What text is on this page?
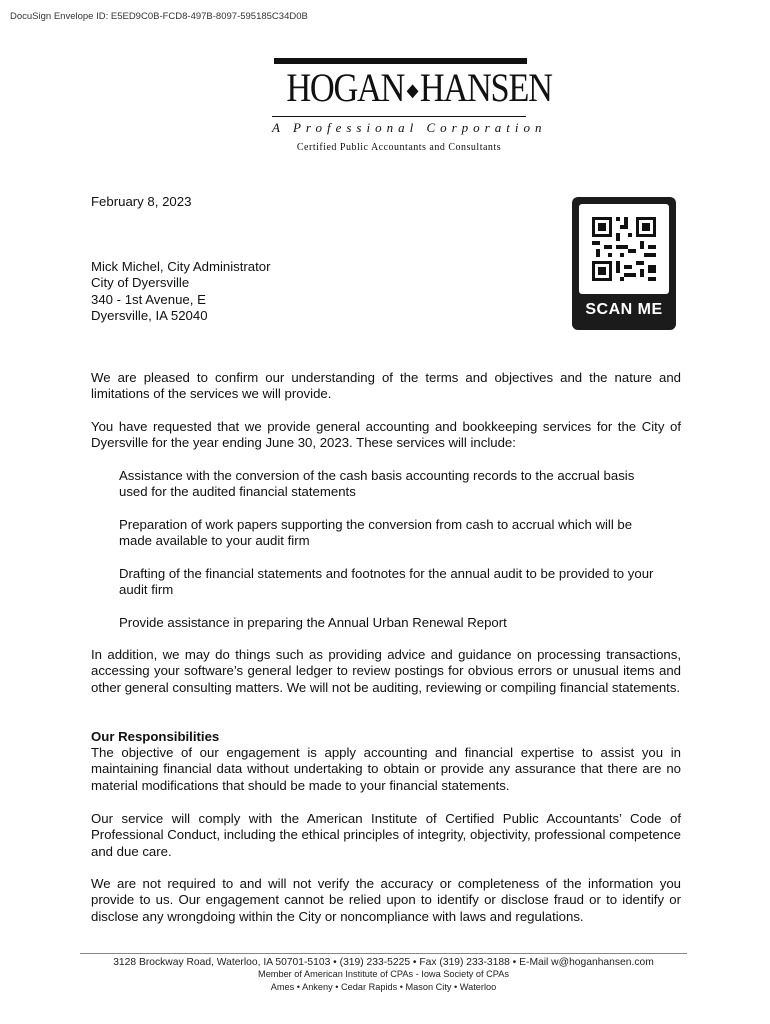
DocuSign Envelope ID: E5ED9C0B-FCD8-497B-8097-595185C34D0B
HOGAN ◆HANSEN
A Professional Corporation
Certified Public Accountants and Consultants
SCAN ME
February 8, 2023

Mick Michel, City Administrator

City of Dyersville

340 - 1st Avenue, E

Dyersville, IA 52040

We are pleased to confirm our understanding of the terms and objectives and the nature and limitations of the services we will provide.

You have requested that we provide general accounting and bookkeeping services for the City of Dyersville for the year ending June 30, 2023. These services will include:

Assistance with the conversion of the cash basis accounting records to the accrual basis used for the audited financial statements

Preparation of work papers supporting the conversion from cash to accrual which will be made available to your audit firm

Drafting of the financial statements and footnotes for the annual audit to be provided to your audit firm

Provide assistance in preparing the Annual Urban Renewal Report

In addition, we may do things such as providing advice and guidance on processing transactions, accessing your software’s general ledger to review postings for obvious errors or unusual items and other general consulting matters. We will not be auditing, reviewing or compiling financial statements.

Our Responsibilities

The objective of our engagement is apply accounting and financial expertise to assist you in maintaining financial data without undertaking to obtain or provide any assurance that there are no material modifications that should be made to your financial statements.

Our service will comply with the American Institute of Certified Public Accountants’ Code of Professional Conduct, including the ethical principles of integrity, objectivity, professional competence and due care.

We are not required to and will not verify the accuracy or completeness of the information you provide to us. Our engagement cannot be relied upon to identify or disclose fraud or to identify or disclose any wrongdoing within the City or noncompliance with laws and regulations.

3128 Brockway Road, Waterloo, IA 50701-5103 • (319) 233-5225 • Fax (319) 233-3188 • E-Mail w@hoganhansen.com
Member of American Institute of CPAs - Iowa Society of CPAs
Ames • Ankeny • Cedar Rapids • Mason City • Waterloo
